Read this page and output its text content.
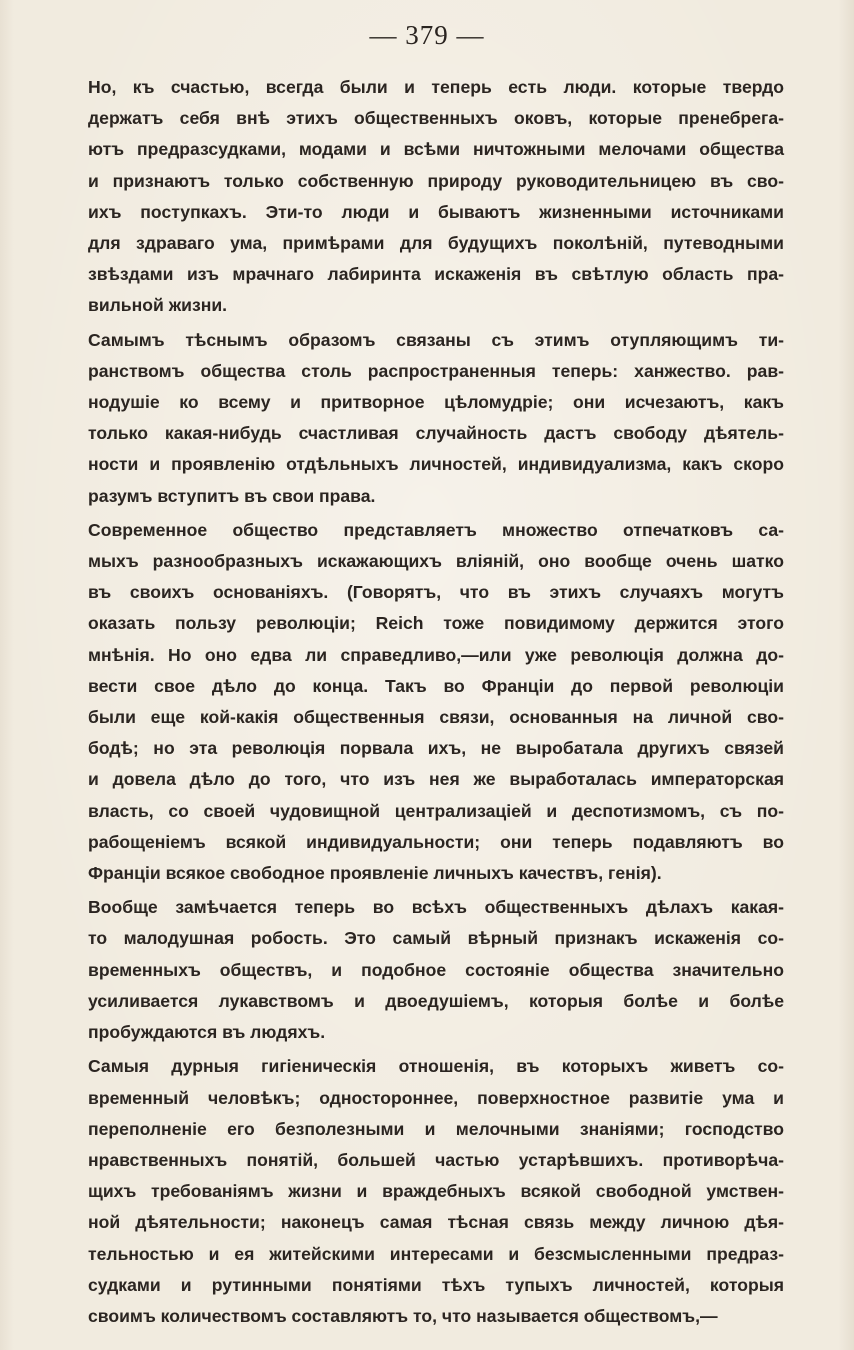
— 379 —

Но, къ счастью, всегда были и теперь есть люди. которые твердо
держатъ себя внѣ этихъ общественныхъ оковъ, которые пренебрега-
ютъ предразсудками, модами и всѣми ничтожными мелочами общества
и признаютъ только собственную природу руководительницею въ сво-
ихъ поступкахъ. Эти-то люди и бываютъ жизненными источниками
для здраваго ума, примѣрами для будущихъ поколѣній, путеводными
звѣздами изъ мрачнаго лабиринта искаженія въ свѣтлую область пра-
вильной жизни.

Самымъ тѣснымъ образомъ связаны съ этимъ отупляющимъ ти-
ранствомъ общества столь распространенныя теперь: ханжество. рав-
нодушіе ко всему и притворное цѣломудріе; они исчезаютъ, какъ
только какая-нибудь счастливая случайность дастъ свободу дѣятель-
ности и проявленію отдѣльныхъ личностей, индивидуализма, какъ скоро
разумъ вступитъ въ свои права.

Современное общество представляетъ множество отпечатковъ са-
мыхъ разнообразныхъ искажающихъ вліяній, оно вообще очень шатко
въ своихъ основаніяхъ. (Говорятъ, что въ этихъ случаяхъ могутъ
оказать пользу революціи; Reich тоже повидимому держится этого
мнѣнія. Но оно едва ли справедливо,—или уже революція должна до-
вести свое дѣло до конца. Такъ во Франціи до первой революціи
были еще кой-какія общественныя связи, основанныя на личной сво-
бодѣ; но эта революція порвала ихъ, не выробатала другихъ связей
и довела дѣло до того, что изъ нея же выработалась императорская
власть, со своей чудовищной централизаціей и деспотизмомъ, съ по-
рабощеніемъ всякой индивидуальности; они теперь подавляютъ во
Франціи всякое свободное проявленіе личныхъ качествъ, генія).

Вообще замѣчается теперь во всѣхъ общественныхъ дѣлахъ какая-
то малодушная робость. Это самый вѣрный признакъ искаженія со-
временныхъ обществъ, и подобное состояніе общества значительно
усиливается лукавствомъ и двоедушіемъ, которыя болѣе и болѣе
пробуждаются въ людяхъ.

Самыя дурныя гигіеническія отношенія, въ которыхъ живетъ со-
временный человѣкъ; одностороннее, поверхностное развитіе ума и
переполненіе его безполезными и мелочными знаніями; господство
нравственныхъ понятій, большей частью устарѣвшихъ. противорѣча-
щихъ требованіямъ жизни и враждебныхъ всякой свободной умствен-
ной дѣятельности; наконецъ самая тѣсная связь между личною дѣя-
тельностью и ея житейскими интересами и безсмысленными предраз-
судками и рутинными понятіями тѣхъ тупыхъ личностей, которыя
своимъ количествомъ составляютъ то, что называется обществомъ,—
